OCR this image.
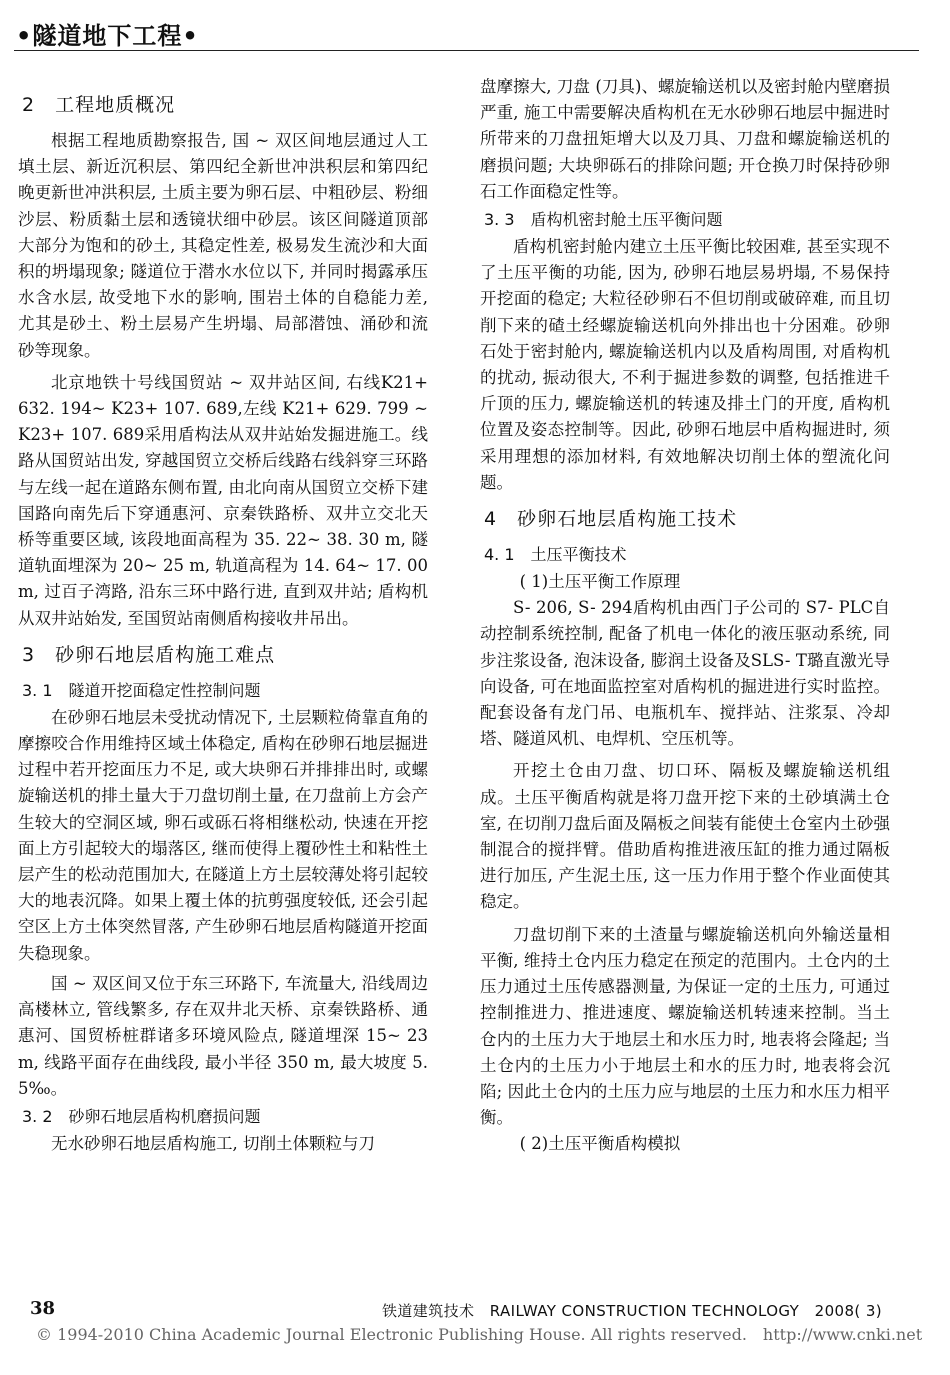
•隧道地下工程•
2　工程地质概况

根据工程地质勘察报告, 国 ~ 双区间地层通过人工填土层、新近沉积层、第四纪全新世冲洪积层和第四纪晚更新世冲洪积层, 土质主要为卵石层、中粗砂层、粉细沙层、粉质黏土层和透镜状细中砂层。该区间隧道顶部大部分为饱和的砂土, 其稳定性差, 极易发生流沙和大面积的坍塌现象; 隧道位于潜水水位以下, 并同时揭露承压水含水层, 故受地下水的影响, 围岩土体的自稳能力差, 尤其是砂土、粉土层易产生坍塌、局部潜蚀、涌砂和流砂等现象。

北京地铁十号线国贸站 ~ 双井站区间, 右线K21+ 632. 194~ K23+ 107. 689,左线 K21+ 629. 799 ~ K23+ 107. 689采用盾构法从双井站始发掘进施工。线路从国贸站出发, 穿越国贸立交桥后线路右线斜穿三环路与左线一起在道路东侧布置, 由北向南从国贸立交桥下建国路向南先后下穿通惠河、京秦铁路桥、双井立交北天桥等重要区域, 该段地面高程为 35. 22~ 38. 30 m, 隧道轨面埋深为 20~ 25 m, 轨道高程为 14. 64~ 17. 00 m, 过百子湾路, 沿东三环中路行进, 直到双井站; 盾构机从双井站始发, 至国贸站南侧盾构接收井吊出。

3　砂卵石地层盾构施工难点
3. 1　隧道开挖面稳定性控制问题

在砂卵石地层未受扰动情况下, 土层颗粒倚靠直角的摩擦咬合作用维持区域土体稳定, 盾构在砂卵石地层掘进过程中若开挖面压力不足, 或大块卵石并排排出时, 或螺旋输送机的排土量大于刀盘切削土量, 在刀盘前上方会产生较大的空洞区域, 卵石或砾石将相继松动, 快速在开挖面上方引起较大的塌落区, 继而使得上覆砂性土和粘性土层产生的松动范围加大, 在隧道上方土层较薄处将引起较大的地表沉降。如果上覆土体的抗剪强度较低, 还会引起空区上方土体突然冒落, 产生砂卵石地层盾构隧道开挖面失稳现象。

国 ~ 双区间又位于东三环路下, 车流量大, 沿线周边高楼林立, 管线繁多, 存在双井北天桥、京秦铁路桥、通惠河、国贸桥桩群诸多环境风险点, 隧道埋深 15~ 23 m, 线路平面存在曲线段, 最小半径 350 m, 最大坡度 5. 5‰。

3. 2　砂卵石地层盾构机磨损问题

无水砂卵石地层盾构施工, 切削土体颗粒与刀

盘摩擦大, 刀盘 (刀具)、螺旋输送机以及密封舱内壁磨损严重, 施工中需要解决盾构机在无水砂卵石地层中掘进时所带来的刀盘扭矩增大以及刀具、刀盘和螺旋输送机的磨损问题; 大块卵砾石的排除问题; 开仓换刀时保持砂卵石工作面稳定性等。

3. 3　盾构机密封舱土压平衡问题

盾构机密封舱内建立土压平衡比较困难, 甚至实现不了土压平衡的功能, 因为, 砂卵石地层易坍塌, 不易保持开挖面的稳定; 大粒径砂卵石不但切削或破碎难, 而且切削下来的碴土经螺旋输送机向外排出也十分困难。砂卵石处于密封舱内, 螺旋输送机内以及盾构周围, 对盾构机的扰动, 振动很大, 不利于掘进参数的调整, 包括推进千斤顶的压力, 螺旋输送机的转速及排土门的开度, 盾构机位置及姿态控制等。因此, 砂卵石地层中盾构掘进时, 须采用理想的添加材料, 有效地解决切削土体的塑流化问题。

4　砂卵石地层盾构施工技术
4. 1　土压平衡技术

( 1)土压平衡工作原理

S- 206, S- 294盾构机由西门子公司的 S7- PLC自动控制系统控制, 配备了机电一体化的液压驱动系统, 同步注浆设备, 泡沫设备, 膨润土设备及SLS- T璐直激光导向设备, 可在地面监控室对盾构机的掘进进行实时监控。配套设备有龙门吊、电瓶机车、搅拌站、注浆泵、冷却塔、隧道风机、电焊机、空压机等。

开挖土仓由刀盘、切口环、隔板及螺旋输送机组成。土压平衡盾构就是将刀盘开挖下来的土砂填满土仓室, 在切削刀盘后面及隔板之间装有能使土仓室内土砂强制混合的搅拌臂。借助盾构推进液压缸的推力通过隔板进行加压, 产生泥土压, 这一压力作用于整个作业面使其稳定。

刀盘切削下来的土渣量与螺旋输送机向外输送量相平衡, 维持土仓内压力稳定在预定的范围内。土仓内的土压力通过土压传感器测量, 为保证一定的土压力, 可通过控制推进力、推进速度、螺旋输送机转速来控制。当土仓内的土压力大于地层土和水压力时, 地表将会隆起; 当土仓内的土压力小于地层土和水的压力时, 地表将会沉陷; 因此土仓内的土压力应与地层的土压力和水压力相平衡。

( 2)土压平衡盾构模拟

38	铁道建筑技术　RAILWAY CONSTRUCTION TECHNOLOGY　2008( 3)
© 1994-2010 China Academic Journal Electronic Publishing House. All rights reserved.　http://www.cnki.net
